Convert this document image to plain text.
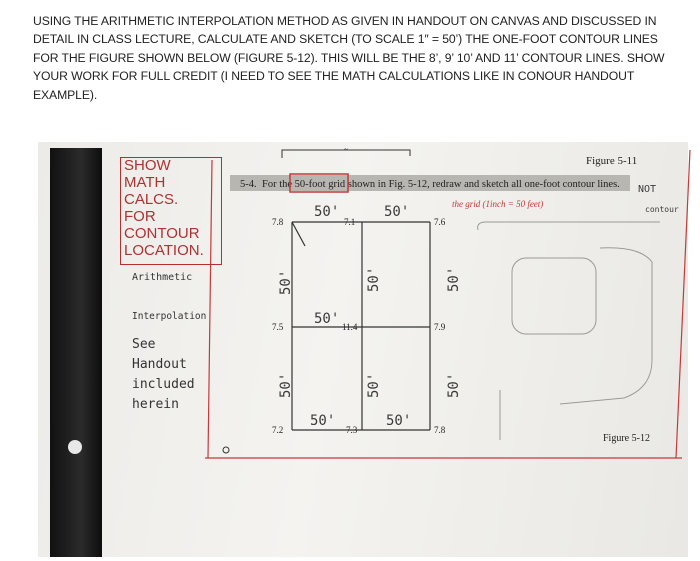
USING THE ARITHMETIC INTERPOLATION METHOD AS GIVEN IN HANDOUT ON CANVAS AND DISCUSSED IN DETAIL IN CLASS LECTURE, CALCULATE AND SKETCH (TO SCALE 1″ = 50’) THE ONE-FOOT CONTOUR LINES FOR THE FIGURE SHOWN BELOW (FIGURE 5-12). THIS WILL BE THE 8’, 9’ 10’ AND 11’ CONTOUR LINES. SHOW YOUR WORK FOR FULL CREDIT (I NEED TO SEE THE MATH CALCULATIONS LIKE IN CONOUR HANDOUT EXAMPLE).

~
Figure 5-11
5-4. For the 50-foot grid shown in Fig. 5-12, redraw and sketch all one-foot contour lines.
the grid (1inch = 50 feet)
NOT
contour
7.8	7.1	7.6
7.5	11.4	7.9
7.2	7.3	7.8
50'	50'
50'
50'	50'
50'
50'
50'
50'
50'
50'
Figure 5-12
SHOW
MATH
CALCS.
FOR
CONTOUR
LOCATION.
Arithmetic
Interpolation
See
Handout
included
herein
